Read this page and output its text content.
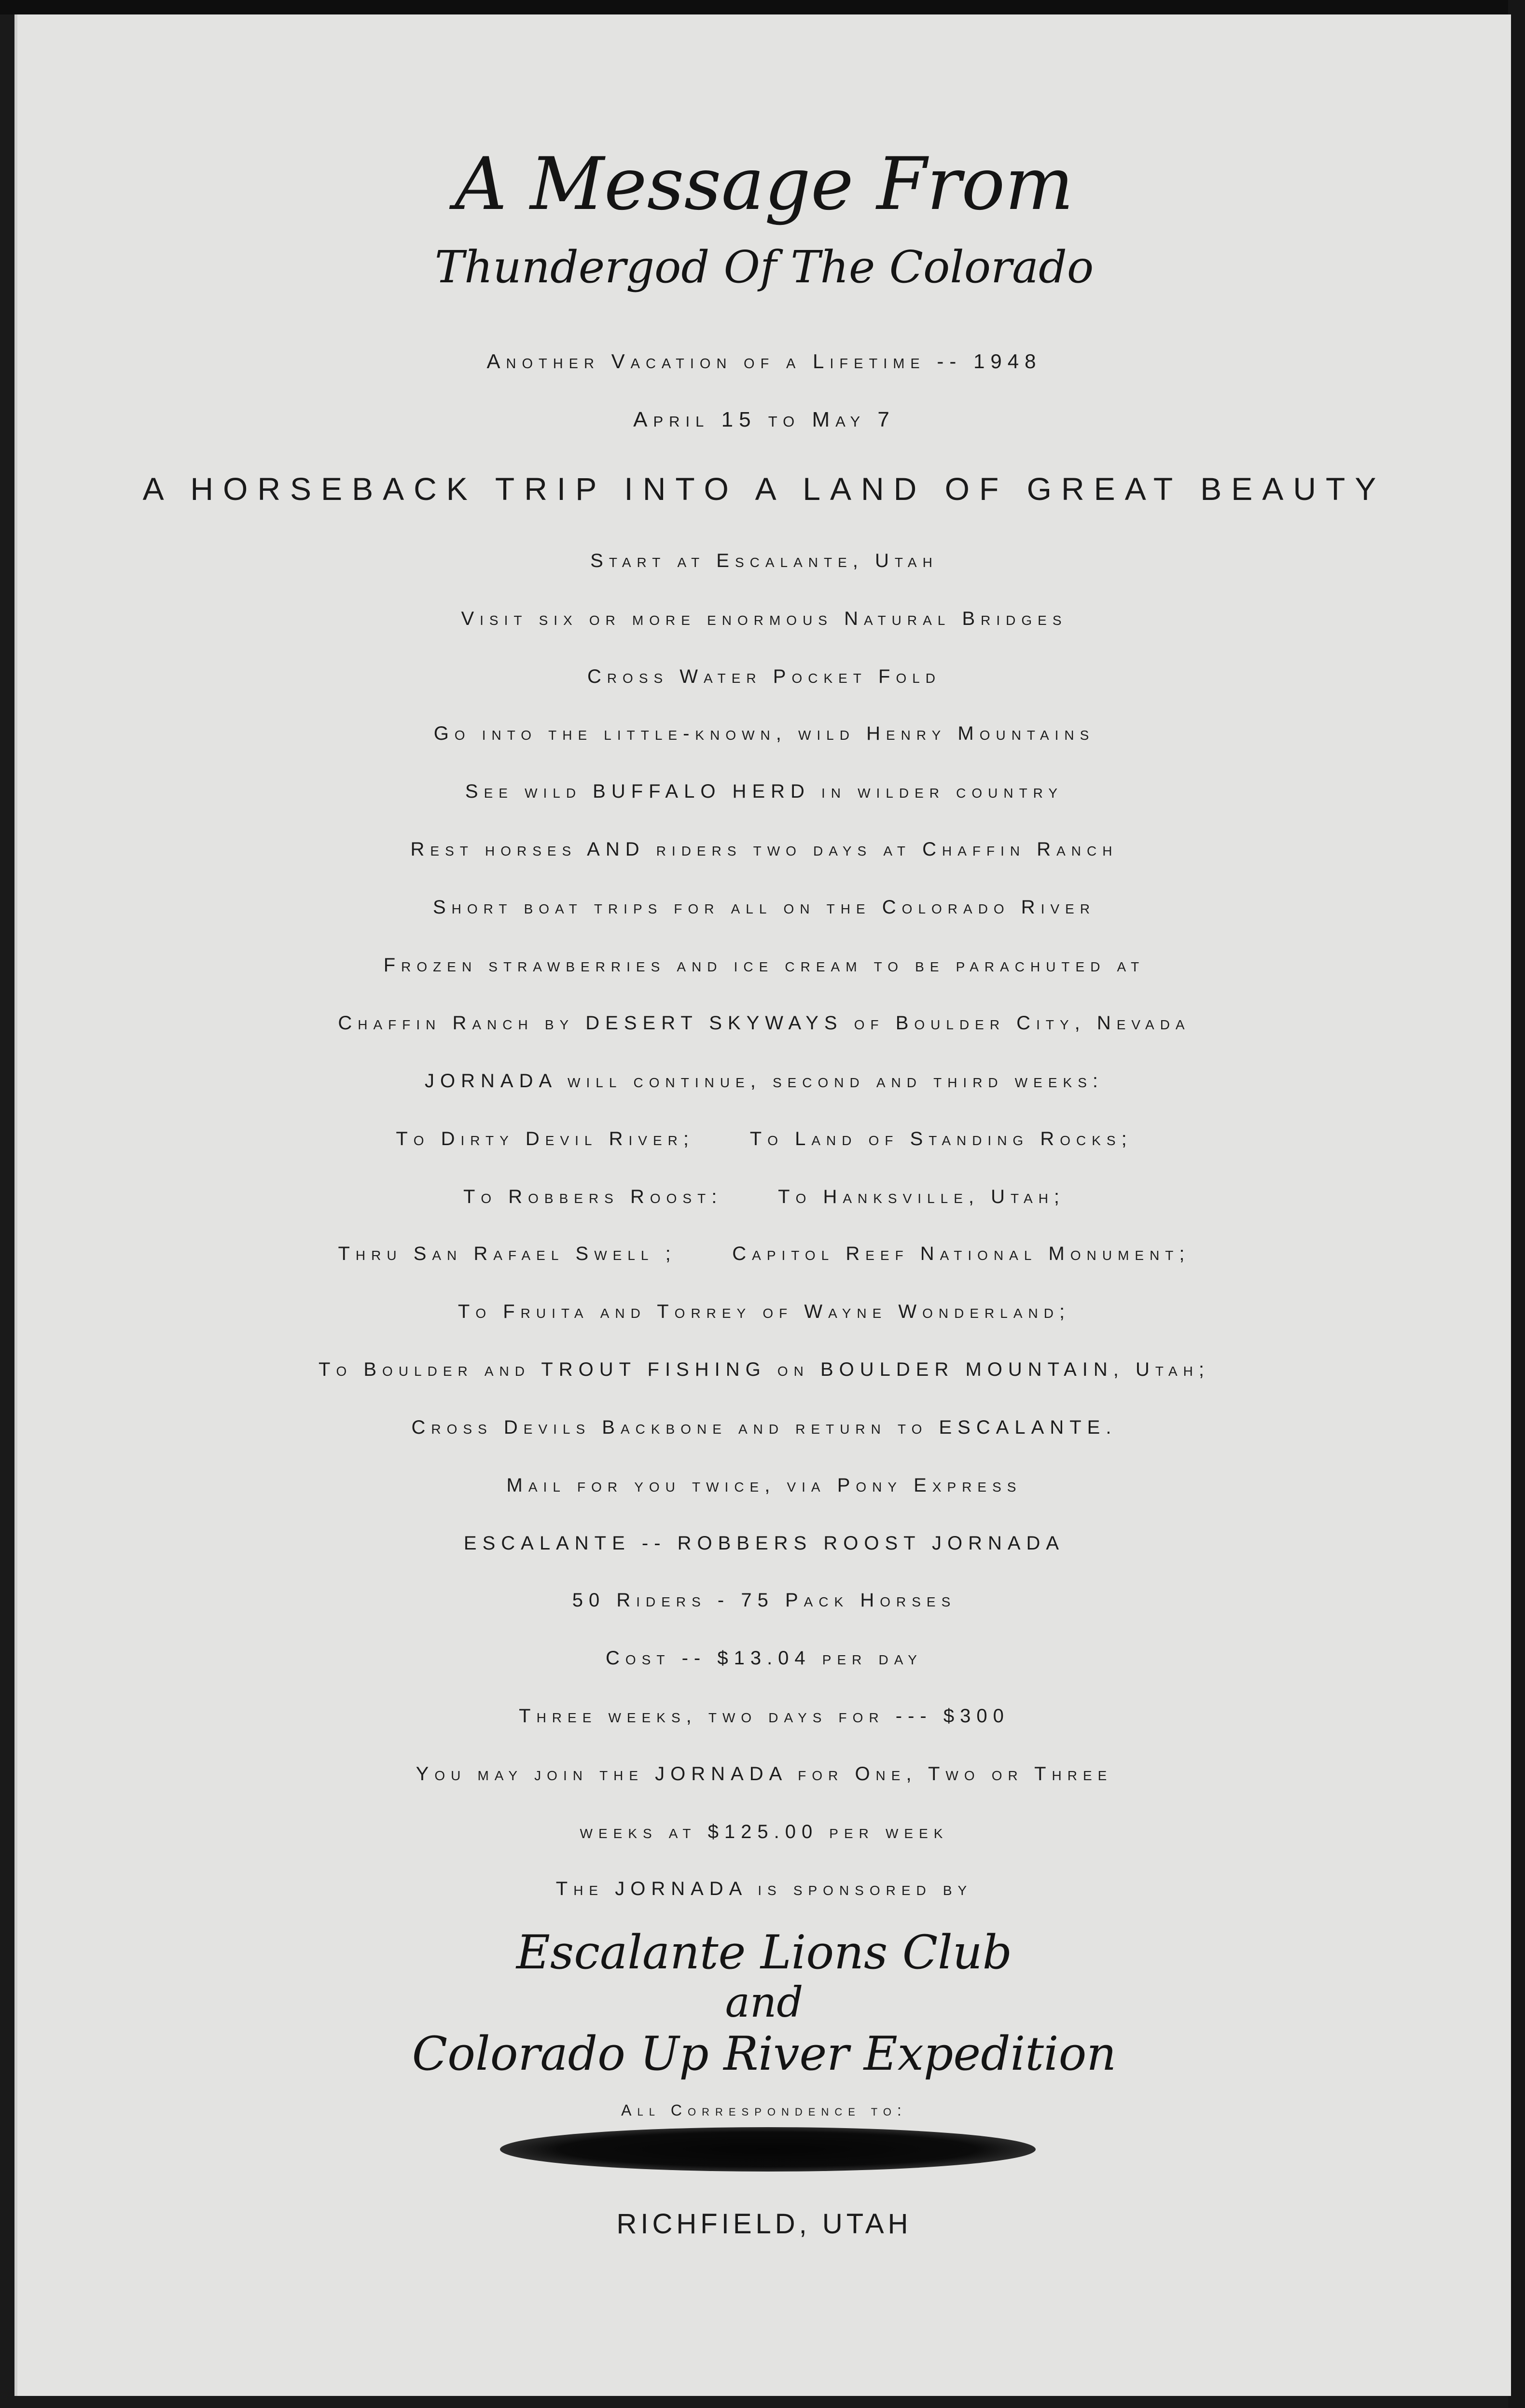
A Message From
Thundergod Of The Colorado
Another Vacation of a Lifetime -- 1948
April 15 to May 7
A HORSEBACK TRIP INTO A LAND OF GREAT BEAUTY
Start at Escalante, Utah
Visit six or more enormous Natural Bridges
Cross Water Pocket Fold
Go into the little-known, wild Henry Mountains
See wild BUFFALO HERD in wilder country
Rest horses AND riders two days at Chaffin Ranch
Short boat trips for all on the Colorado River
Frozen strawberries and ice cream to be parachuted at
Chaffin Ranch by DESERT SKYWAYS of Boulder City, Nevada
JORNADA will continue, second and third weeks:
To Dirty Devil River;     To Land of Standing Rocks;
To Robbers Roost:     To Hanksville, Utah;
Thru San Rafael Swell ;     Capitol Reef National Monument;
To Fruita and Torrey of Wayne Wonderland;
To Boulder and TROUT FISHING on BOULDER MOUNTAIN, Utah;
Cross Devils Backbone and return to ESCALANTE.
Mail for you twice, via Pony Express
ESCALANTE -- ROBBERS ROOST JORNADA
50 Riders - 75 Pack Horses
Cost -- $13.04 per day
Three weeks, two days for --- $300
You may join the JORNADA for One, Two or Three
weeks at $125.00 per week
The JORNADA is sponsored by
Escalante Lions Club
and
Colorado Up River Expedition
All Correspondence to:
RICHFIELD, UTAH
